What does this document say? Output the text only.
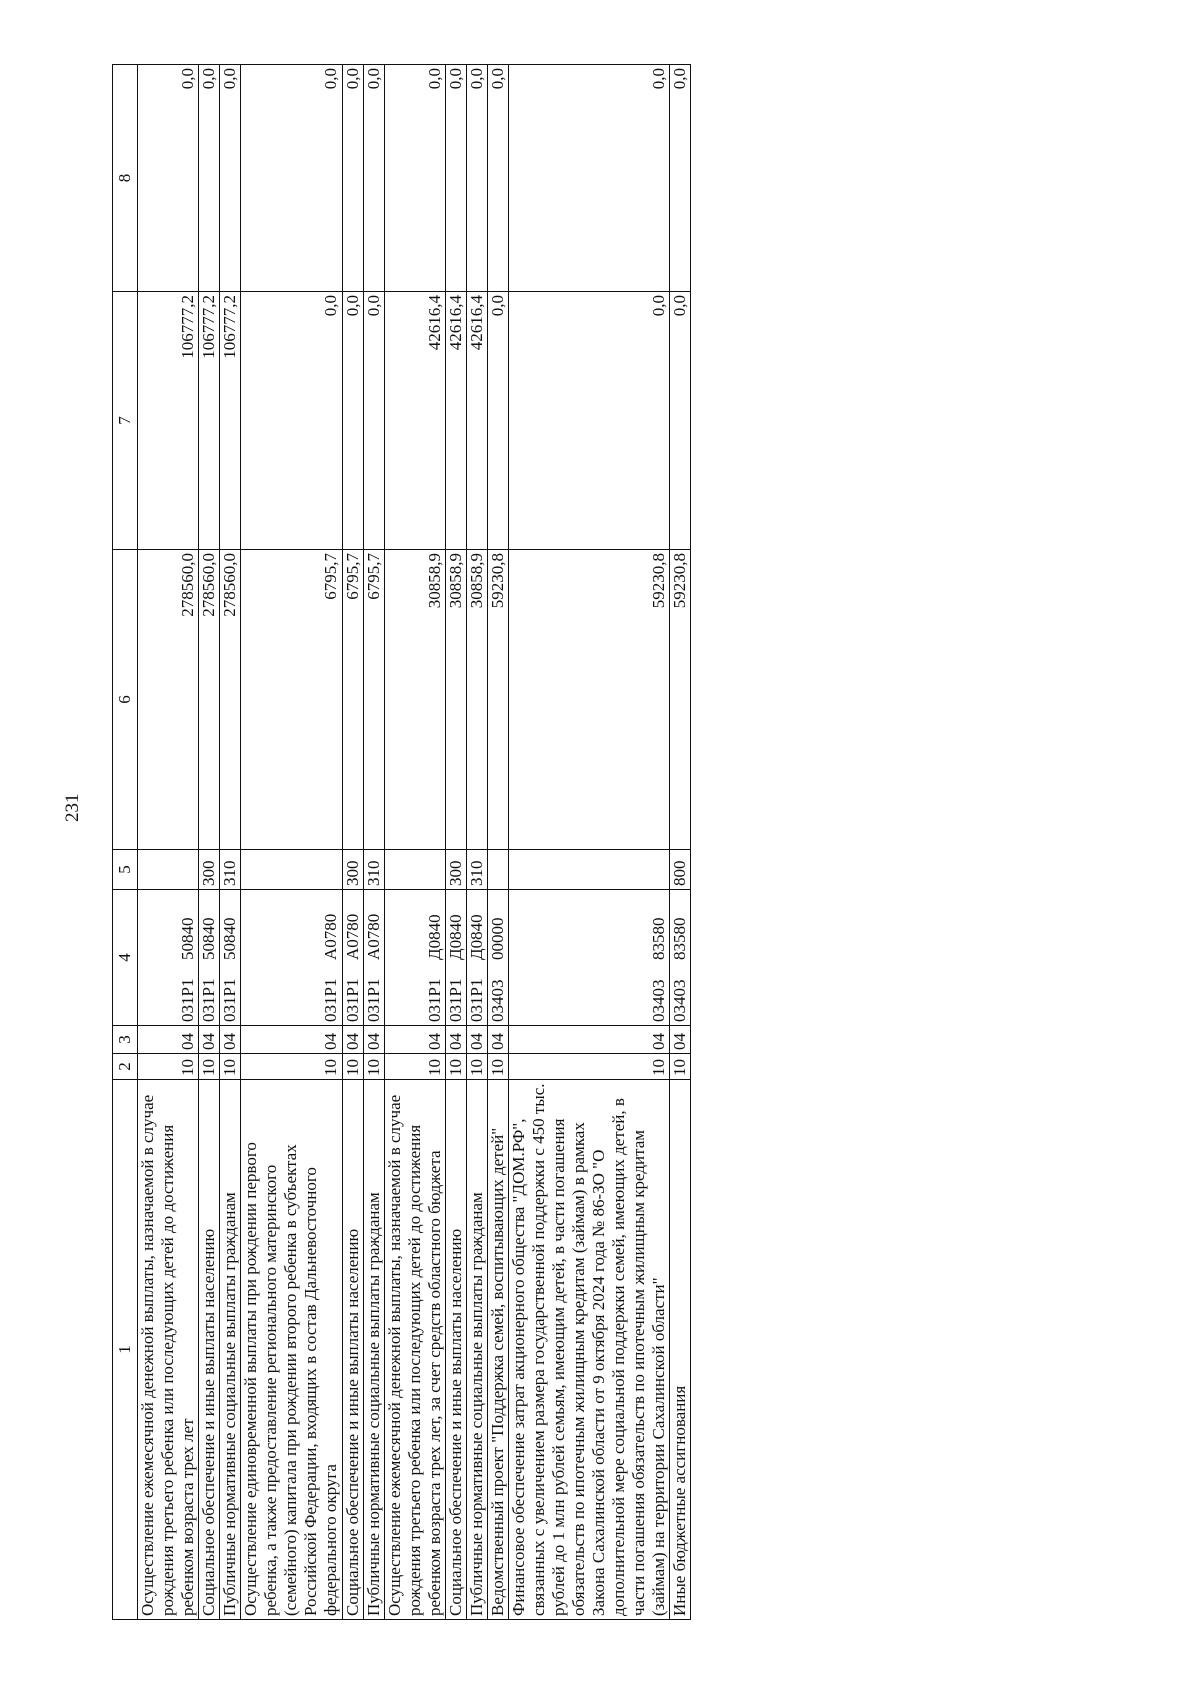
231
1	2	3	4	5	6	7	8
Осуществление ежемесячной денежной выплаты, назначаемой в случае рождения третьего ребенка или последующих детей до достижения ребенком возраста трех лет	10	04	031P150840		278560,0	106777,2	0,0
Социальное обеспечение и иные выплаты населению	10	04	031P150840	300	278560,0	106777,2	0,0
Публичные нормативные социальные выплаты гражданам	10	04	031P150840	310	278560,0	106777,2	0,0
Осуществление единовременной выплаты при рождении первого ребенка, а также предоставление регионального материнского (семейного) капитала при рождении второго ребенка в субъектах Российской Федерации, входящих в состав Дальневосточного федерального округа	10	04	031P1A0780		6795,7	0,0	0,0
Социальное обеспечение и иные выплаты населению	10	04	031P1A0780	300	6795,7	0,0	0,0
Публичные нормативные социальные выплаты гражданам	10	04	031P1A0780	310	6795,7	0,0	0,0
Осуществление ежемесячной денежной выплаты, назначаемой в случае рождения третьего ребенка или последующих детей до достижения ребенком возраста трех лет, за счет средств областного бюджета	10	04	031P1Д0840		30858,9	42616,4	0,0
Социальное обеспечение и иные выплаты населению	10	04	031P1Д0840	300	30858,9	42616,4	0,0
Публичные нормативные социальные выплаты гражданам	10	04	031P1Д0840	310	30858,9	42616,4	0,0
Ведомственный проект "Поддержка семей, воспитывающих детей"	10	04	0340300000		59230,8	0,0	0,0
Финансовое обеспечение затрат акционерного общества "ДОМ.РФ", связанных с увеличением размера государственной поддержки с 450 тыс. рублей до 1 млн рублей семьям, имеющим детей, в части погашения обязательств по ипотечным жилищным кредитам (займам) в рамках Закона Сахалинской области от 9 октября 2024 года № 86-ЗО "О дополнительной мере социальной поддержки семей, имеющих детей, в части погашения обязательств по ипотечным жилищным кредитам (займам) на территории Сахалинской области"	10	04	0340383580		59230,8	0,0	0,0
Иные бюджетные ассигнования	10	04	0340383580	800	59230,8	0,0	0,0
